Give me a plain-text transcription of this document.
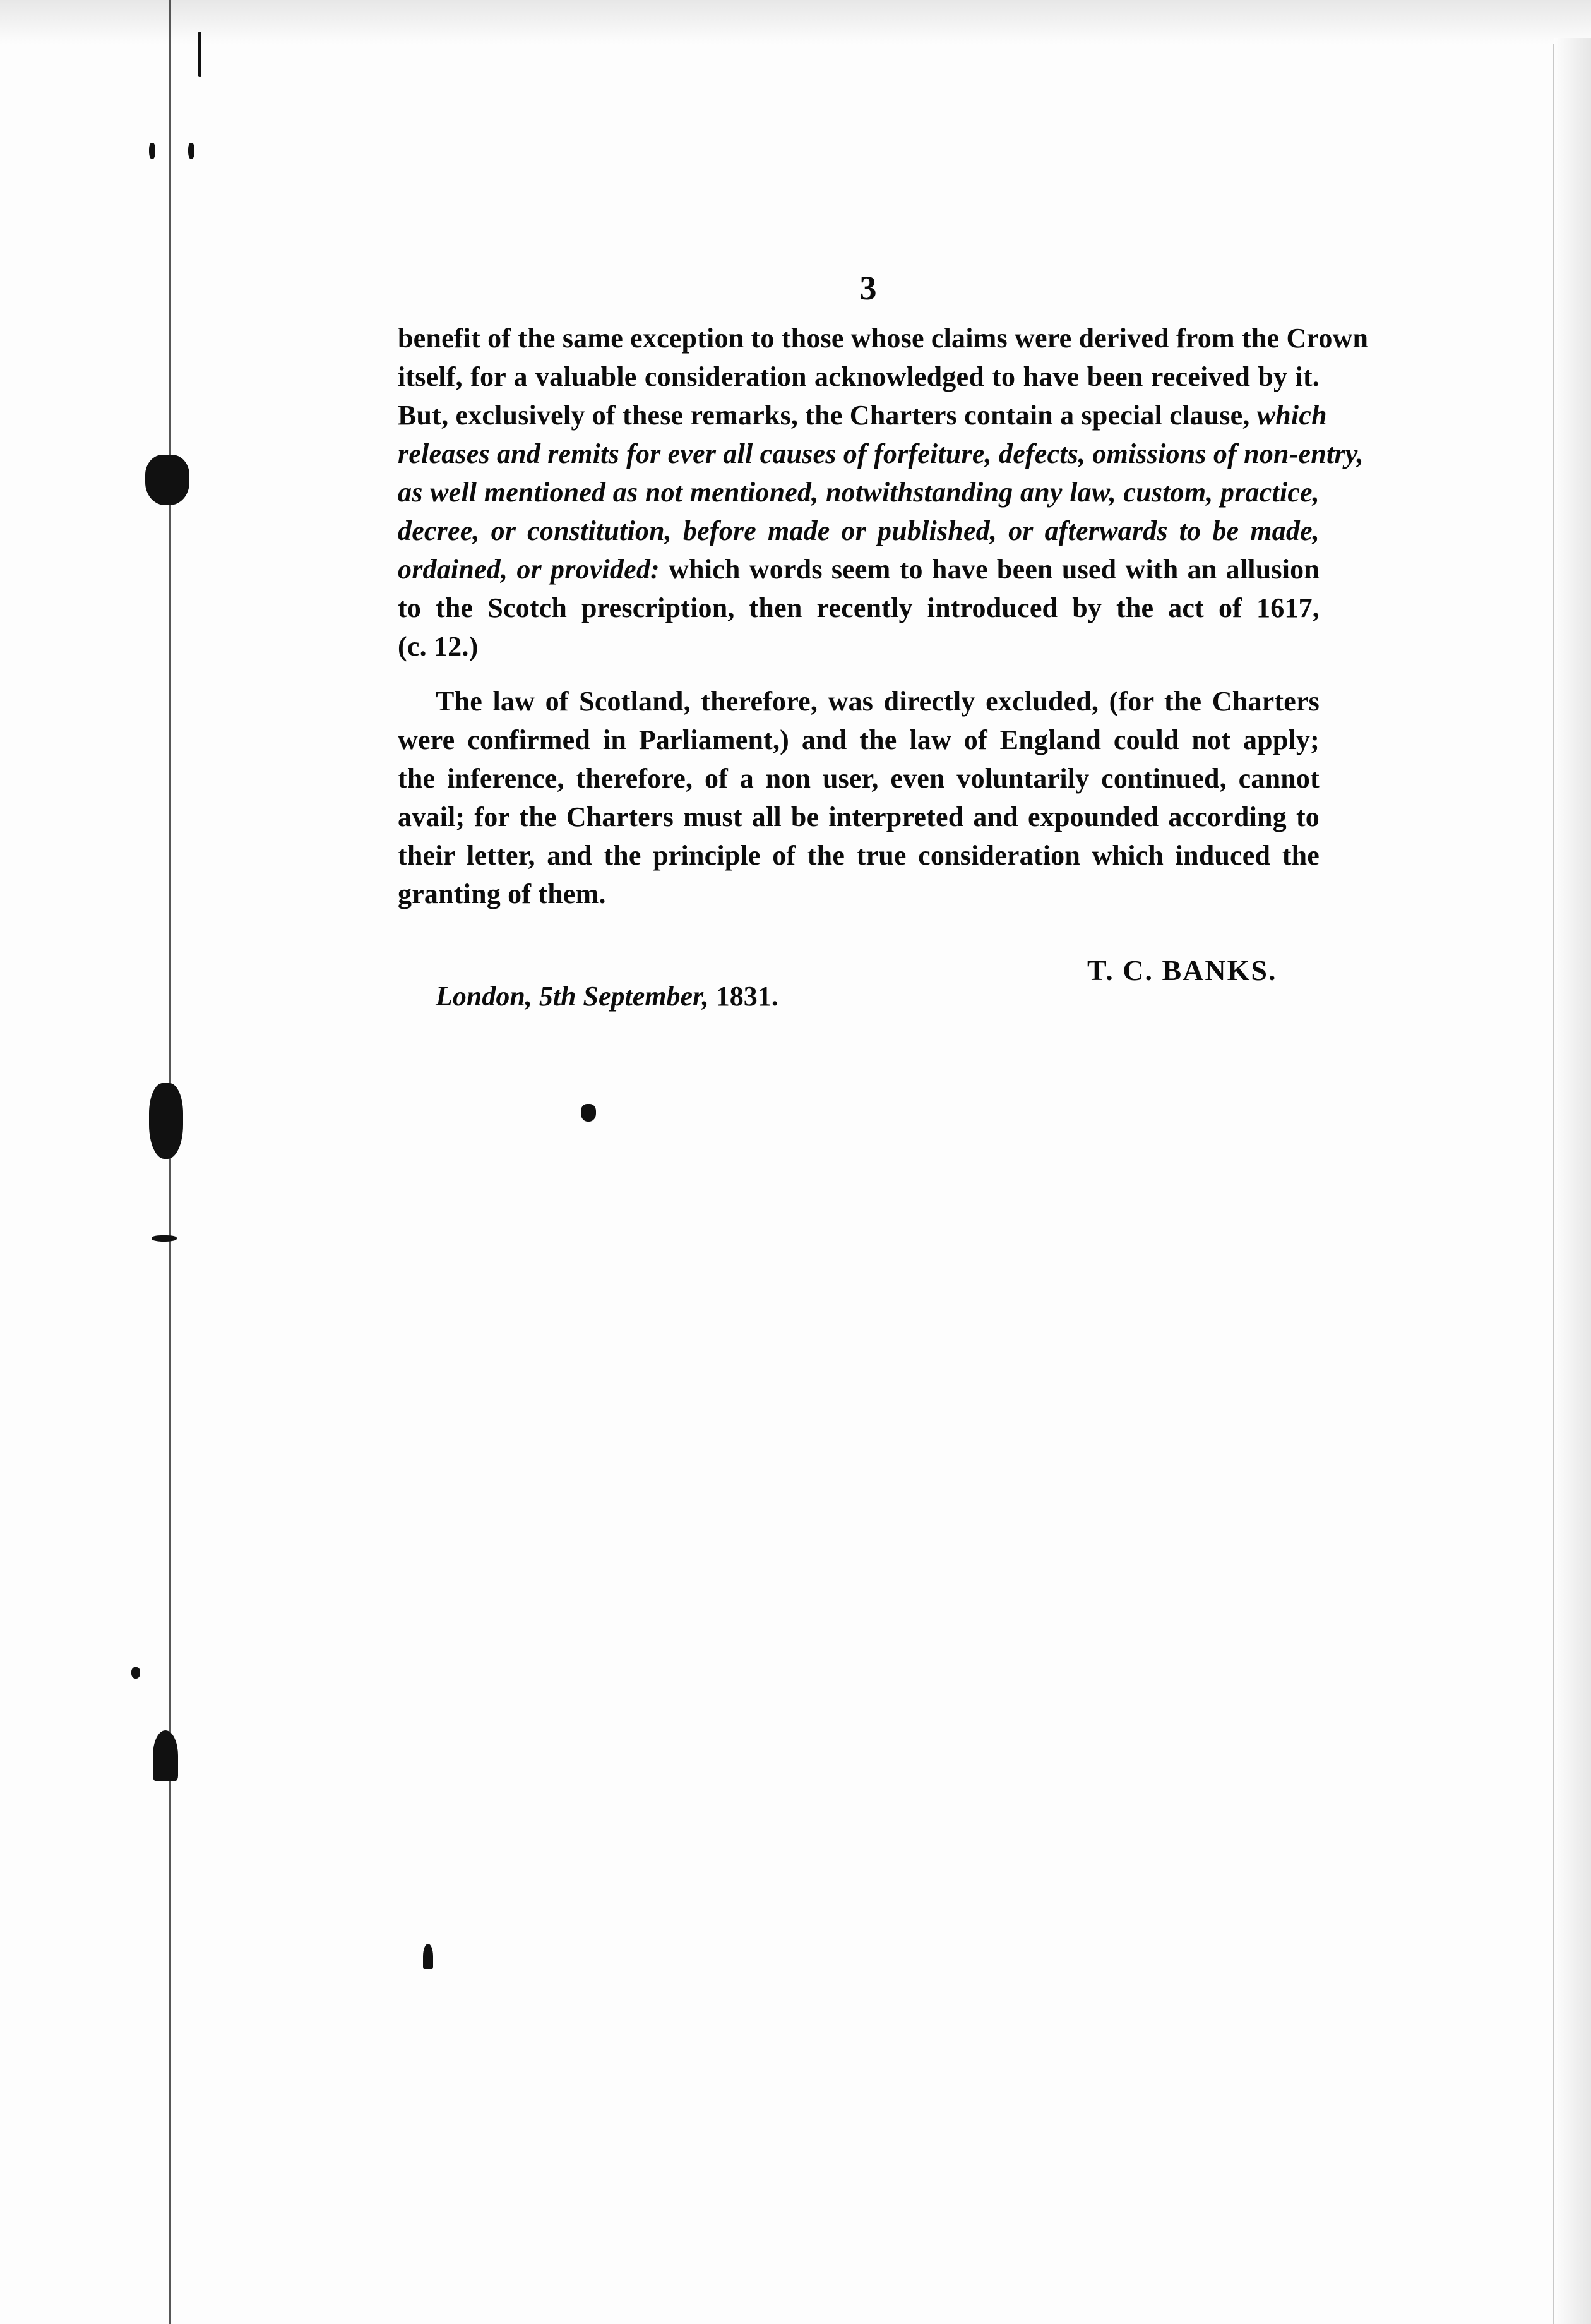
3
benefit of the same exception to those whose claims were derived from the Crown
itself, for a valuable consideration acknowledged to have been received by it.
But, exclusively of these remarks, the Charters contain a special clause, which
releases and remits for ever all causes of forfeiture, defects, omissions of non-entry,
as well mentioned as not mentioned, notwithstanding any law, custom, practice,
decree, or constitution, before made or published, or afterwards to be made,
ordained, or provided: which words seem to have been used with an allusion
to the Scotch prescription, then recently introduced by the act of 1617,
(c. 12.)
The law of Scotland, therefore, was directly excluded, (for the Charters
were confirmed in Parliament,) and the law of England could not apply;
the inference, therefore, of a non user, even voluntarily continued, cannot
avail; for the Charters must all be interpreted and expounded according to
their letter, and the principle of the true consideration which induced the
granting of them.
T. C. BANKS.
London, 5th September, 1831.
